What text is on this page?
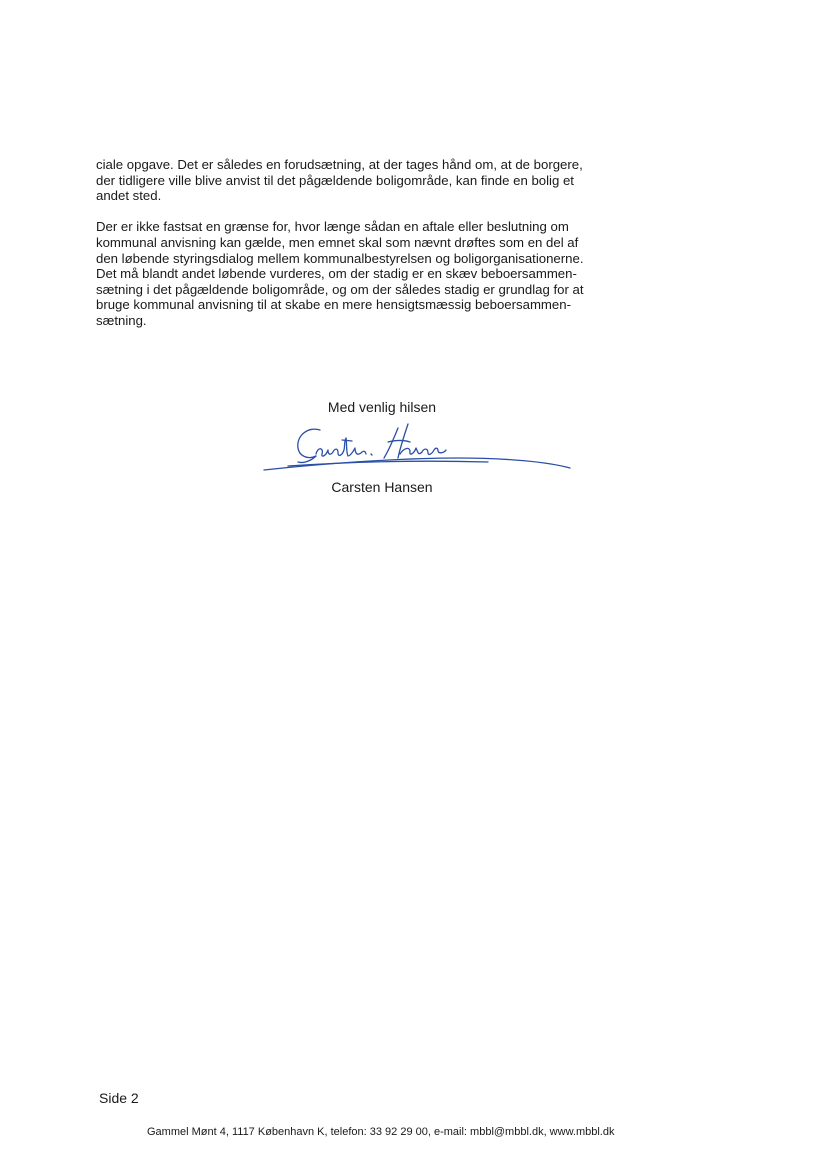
ciale opgave. Det er således en forudsætning, at der tages hånd om, at de borgere,
der tidligere ville blive anvist til det pågældende boligområde, kan finde en bolig et
andet sted.

Der er ikke fastsat en grænse for, hvor længe sådan en aftale eller beslutning om
kommunal anvisning kan gælde, men emnet skal som nævnt drøftes som en del af
den løbende styringsdialog mellem kommunalbestyrelsen og boligorganisationerne.
Det må blandt andet løbende vurderes, om der stadig er en skæv beboersammen-
sætning i det pågældende boligområde, og om der således stadig er grundlag for at
bruge kommunal anvisning til at skabe en mere hensigtsmæssig beboersammen-
sætning.

Med venlig hilsen
Carsten Hansen
Side 2
Gammel Mønt 4, 1117 København K, telefon: 33 92 29 00, e-mail: mbbl@mbbl.dk, www.mbbl.dk
